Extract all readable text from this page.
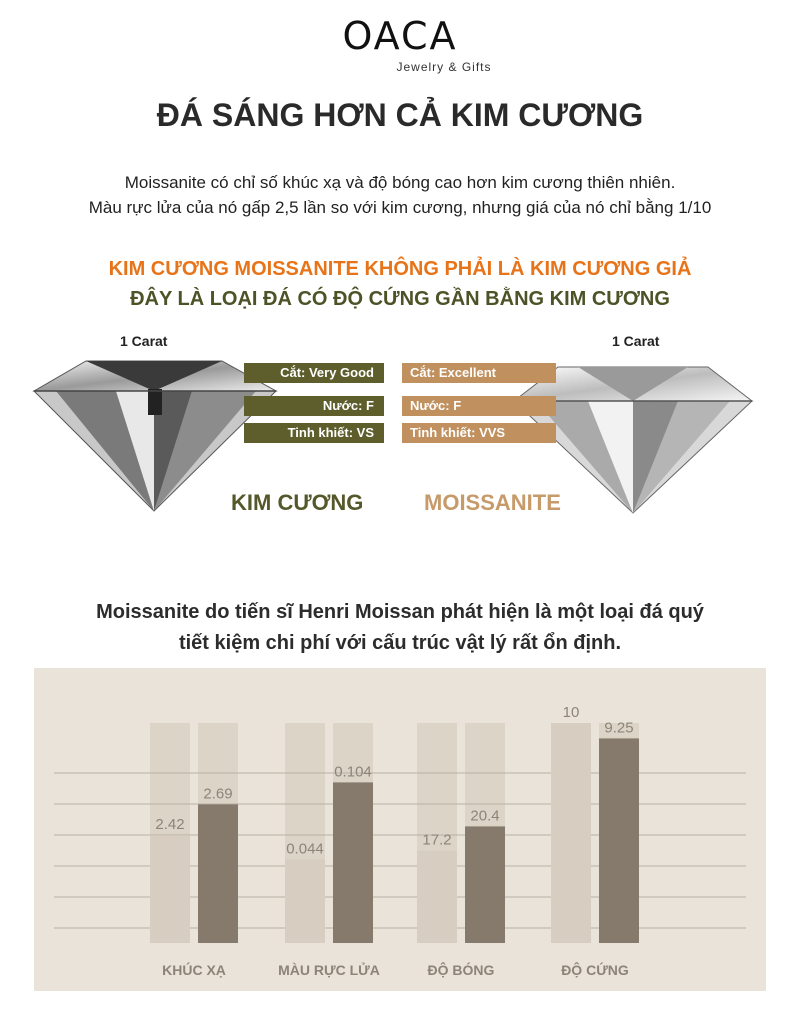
OACA
Jewelry & Gifts
ĐÁ SÁNG HƠN CẢ KIM CƯƠNG
Moissanite có chỉ số khúc xạ và độ bóng cao hơn kim cương thiên nhiên.
Màu rực lửa của nó gấp 2,5 lần so với kim cương, nhưng giá của nó chỉ bằng 1/10
KIM CƯƠNG MOISSANITE KHÔNG PHẢI LÀ KIM CƯƠNG GIẢ
ĐÂY LÀ LOẠI ĐÁ CÓ ĐỘ CỨNG GẦN BẰNG KIM CƯƠNG
1 Carat	1 Carat
Cắt: Very Good
Nước: F
Tinh khiết: VS
Cắt: Excellent
Nước: F
Tinh khiết: VVS
KIM CƯƠNG	MOISSANITE
Moissanite do tiến sĩ Henri Moissan phát hiện là một loại đá quý
tiết kiệm chi phí với cấu trúc vật lý rất ổn định.
2.42
2.69
KHÚC XẠ
0.044
0.104
MÀU RỰC LỬA
17.2
20.4
ĐỘ BÓNG
10
9.25
ĐỘ CỨNG
